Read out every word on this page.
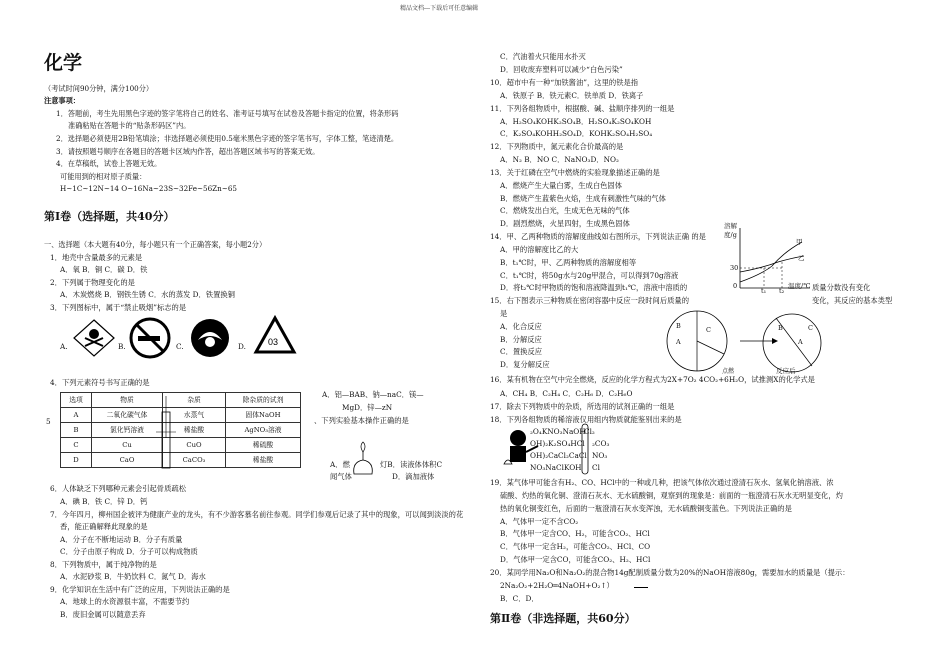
精品文档---下载后可任意编辑
化学
（考试时间90分钟，满分100分）
注意事项：
1．答题前，考生先用黑色字迹的签字笔将自己的姓名、准考证号填写在试卷及答题卡指定的位置，将条形码
准确粘贴在答题卡的“贴条形码区”内。
2．选择题必须使用2B铅笔填涂；非选择题必须使用0.5毫米黑色字迹的签字笔书写，字体工整，笔迹清楚。
3．请按照题号顺序在各题目的答题卡区域内作答，超出答题区域书写的答案无效。
4．在草稿纸，试卷上答题无效。
可能用到的相对原子质量：
H~1C~12N~14 O~16Na~23S~32Fe~56Zn~65
第Ⅰ卷（选择题，共40分）
一、选择题（本大题有40分，每小题只有一个正确答案，每小题2分）
1．地壳中含量最多的元素是
A．氧 B．铜 C．碳 D．铁
2．下列属于物理变化的是
A．木炭燃烧 B．钢铁生锈 C．水的蒸发 D．铁置换铜
3．下列图标中，属于“禁止吸烟”标志的是
A.	B.	C.	D. 03
4．下列元素符号书写正确的是
5
选项	物质	杂质	除杂质的试剂
A	二氧化碳气体	水蒸气	固体NaOH
B	氯化钙溶液	稀盐酸	AgNO₃溶液
C	Cu	CuO	稀硫酸
D	CaO	CaCO₃	稀盐酸
A．铝—BAB、钠—naC．镁—
MgD．锌—zN
、下列实验基本操作正确的是
A．燃	灯B．读液体体积C
闻气体	D．滴加液体
6．人体缺乏下列哪种元素会引起骨质疏松
A．碘 B．铁 C．锌 D．钙
7．今年四月，柳州国企被评为健康产业的龙头，有不少游客慕名前往参观。同学们参观后记录了其中的现象，可以闻到淡淡的花
香，能正确解释此现象的是
A．分子在不断地运动 B．分子有质量
C．分子由原子构成 D．分子可以构成物质
8．下列物质中，属于纯净物的是
A．水泥砂浆 B．牛奶饮料 C．氮气 D．海水
9．化学知识在生活中有广泛的应用，下列说法正确的是
A．地球上的水资源很丰富，不需要节约
B．废旧金属可以随意丢弃
C．汽油着火只能用水扑灭
D．回收废弃塑料可以减少“白色污染”
10．超市中有一种“加铁酱油”，这里的铁是指
A．铁原子 B．铁元素C．铁单质 D．铁离子
11．下列各组物质中，根据酸、碱、盐顺序排列的一组是
A．H₂SO₄KOHK₂SO₄B．H₂SO₄K₂SO₄KOH
C．K₂SO₄KOHH₂SO₄D．KOHK₂SO₄H₂SO₄
12．下列物质中，氮元素化合价最高的是
A．N₂ B．NO C．NaNO₃D．NO₂
13．关于红磷在空气中燃烧的实验现象描述正确的是
A．燃烧产生大量白雾，生成白色固体
B．燃烧产生蓝紫色火焰，生成有刺激性气味的气体
C．燃烧发出白光，生成无色无味的气体
D．剧烈燃烧，火星四射，生成黑色固体
14．甲、乙两种物质的溶解度曲线如右图所示，下列说法正确 的是
A．甲的溶解度比乙的大
B．t₁℃时，甲、乙两种物质的溶解度相等
C．t₁℃时，将50g水与20g甲混合，可以得到70g溶液
D．将t₂℃时甲物质的饱和溶液降温到t₁℃，溶液中溶质的	质量分数没有变化
15．右下图表示三种物质在密闭容器中反应一段时间后质量的	变化，其反应的基本类型
是
A．化合反应
B．分解反应
C．置换反应
D．复分解反应
溶解
度/g
30
0
t₁ t₂
温度/℃
甲
乙
B
A
C	B
A
C
反应后
16．某有机物在空气中完全燃烧，反应的化学方程式为2X+7O₂ 4CO₂+6H₂O，试推测X的化学式是
点燃
A．CH₄ B．C₂H₄ C．C₂H₆ D．C₂H₆O
17．除去下列物质中的杂质，所选用的试剂正确的一组是
18．下列各组物质的稀溶液仅用组内物质就能鉴别出来的是
₂O₄KNO₃NaOH
Cl₂
OH)₂K₂SO₄HCl ₂CO₃
OH)₂CaCl₂CaCl NO₃
NO₃NaClKOH Cl
19．某气体甲可能含有H₂、CO、HCl中的一种或几种，把该气体依次通过澄清石灰水、氢氧化钠溶液、浓
硫酸、灼热的氧化铜、澄清石灰水、无水硫酸铜，观察到的现象是：前面的一瓶澄清石灰水无明显变化，灼
热的氧化铜变红色，后面的一瓶澄清石灰水变浑浊，无水硫酸铜变蓝色。下列说法正确的是
A．气体甲一定不含CO₂
B．气体甲一定含CO、H₂，可能含CO₂、HCl
C．气体甲一定含H₂，可能含CO₂、HCl、CO
D．气体甲一定含CO，可能含CO₂、H₂、HCl
20．某同学用Na₂O和Na₂O₂的混合物14g配制质量分数为20%的NaOH溶液80g，需要加水的质量是（提示：
2Na₂O₂+2H₂O═4NaOH+O₂↑）
B．C．D．
第Ⅱ卷（非选择题，共60分）
